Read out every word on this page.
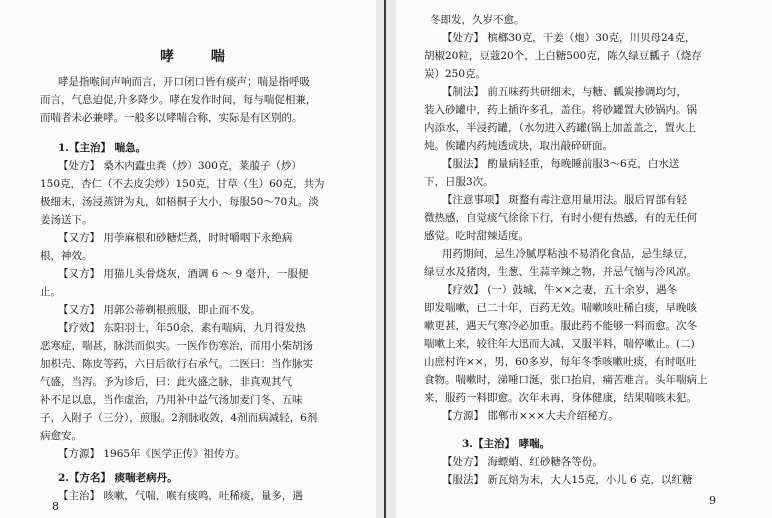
哮 喘
哮是指喉间声响而言，开口闭口皆有痰声；喘是指呼吸
而言，气息迫促,升多降少。哮在发作时间，每与喘促相兼，
而喘者未必兼哮。一般多以哮喘合称，实际是有区别的。
1.【主治】 喘急。
【处方】 桑木内蠹虫粪（炒）300克，莱菔子（炒）
150克，杏仁（不去皮尖炒）150克，甘草（生）60克，共为
极细末，汤浸蒸饼为丸，如梧桐子大小，每服50～70丸。淡
姜汤送下。
【又方】 用荸麻根和砂糖烂煮，时时嚼咽下永绝病
根，神效。
【又方】 用猫儿头骨烧灰，酒调 6 ～ 9 毫升，一服便
止。
【又方】 用郭公蒂剃根煎服，即止而不发。
【疗效】 东阳羽士，年50余，素有喘病，九月得发热
恶寒症，喘甚，脉洪而似实。一医作伤寒治，而用小柴胡汤
加枳壳、陈皮等药，六日后欲行右承气。二医曰：当作脉实
气盛，当泻。予为诊后，曰：此火盛之脉，非真观其气
补不足以息，当作虚治，乃用补中益气汤加麦门冬、五味
子，入附子（三分），煎服。2剂脉收敛，4剂而病减轻，6剂
病愈安。
【方源】 1965年《医学正传》祖传方。
2.【方名】 痰喘老病丹。
【主治】 咳嗽，气喘，喉有痰鸣，吐稀痰，量多，遇
8
冬即发，久岁不愈。
【处方】 槟榔30克，干姜（炮）30克，川贝母24克，
胡椒20粒，豆蔻20个，上白糖500克，陈久绿豆瓤子（烧存
炭）250克。
【制法】 前五味药共研细末，与糖、瓤炭掺调均匀，
装入砂罐中，药上插许多孔，盖住。将砂罐置大砂锅内。锅
内添水，半浸药罐，（水勿进入药罐(锅上加盖盖之，置火上
炖。俟罐内药炖透成块，取出敲碎研面。
【服法】 酌量病轻重，每晚睡前服3～6克，白水送
下，日服3次。
【注意事项】 斑蝥有毒注意用量用法。服后胃部有轻
微热感，自觉痰气徐徐下行，有时小便有热感，有的无任何
感觉。吃时甜辣适度。
用药期间，忌生冷腻厚粘浊不易消化食品，忌生绿豆，
绿豆水及猪肉，生葱、生蒜辛辣之物，并忌气恼与冷风凉。
【疗效】 (一）鼓城，牛××之妻，五十余岁，遇冬
即发喘嗽，已二十年，百药无效。喘嗽咳吐稀白痰，早晚咳
嗽更甚，遇天气寒冷必加重。服此药不能够一料而愈。次冬
喘嗽上来，较往年大迅而大减，又服半料，喘停嗽止。(二)
山庶村许××，男，60多岁，每年冬季咳嗽吐痰，有时呕吐
食物。喘嗽时，涕唾口涎，张口抬肩，痛苦难言。头年喘病上
来，服药一料即愈。次年未再，身体健康，结果喘咳未犯。
【方源】 邯郸市×××大夫介绍秘方。
3.【主治】 哮喘。
【处方】 海螵蛸、红砂糖各等份。
【服法】 新瓦焙为末，大人15克，小儿 6 克，以红糖
9
